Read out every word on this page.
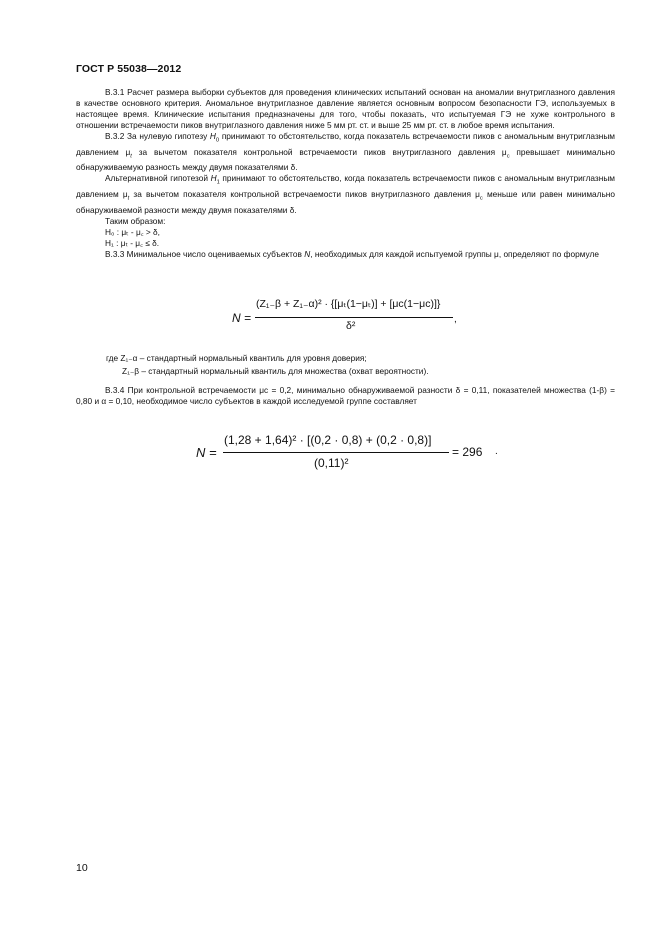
ГОСТ Р 55038—2012

B.3.1 Расчет размера выборки субъектов для проведения клинических испытаний основан на аномалии внутриглазного давления в качестве основного критерия. Аномальное внутриглазное давление является основным вопросом безопасности ГЭ, используемых в настоящее время. Клинические испытания предназначены для того, чтобы показать, что испытуемая ГЭ не хуже контрольного в отношении встречаемости пиков внутриглазного давления ниже 5 мм рт. ст. и выше 25 мм рт. ст. в любое время испытания.

B.3.2 За нулевую гипотезу $H_0$ принимают то обстоятельство, когда показатель встречаемости пиков с аномальным внутриглазным давлением $\mu_t$ за вычетом показателя контрольной встречаемости пиков внутриглазного давления $\mu_c$ превышает минимально обнаруживаемую разность между двумя показателями δ.

Альтернативной гипотезой $H_1$ принимают то обстоятельство, когда показатель встречаемости пиков с аномальным внутриглазным давлением $\mu_t$ за вычетом показателя контрольной встречаемости пиков внутриглазного давления $\mu_c$ меньше или равен минимально обнаруживаемой разности между двумя показателями δ.

Таким образом:

H₀ : μₜ - μ꜀ > δ,

H₁ : μₜ - μ꜀ ≤ δ.

B.3.3 Минимальное число оцениваемых субъектов N, необходимых для каждой испытуемой группы μ, определяют по формуле

N =
(Z₁₋β + Z₁₋α)² · {[μₜ(1−μₜ)] + [μc(1−μc)]}
δ²
,
где Z₁₋α – стандартный нормальный квантиль для уровня доверия;
Z₁₋β – стандартный нормальный квантиль для множества (охват вероятности).

B.3.4 При контрольной встречаемости μc = 0,2, минимально обнаруживаемой разности δ = 0,11, показателей множества (1-β) = 0,80 и α = 0,10, необходимое число субъектов в каждой исследуемой группе составляет

N =
(1,28 + 1,64)² · [(0,2 · 0,8) + (0,2 · 0,8)]
(0,11)²
= 296 .
10
